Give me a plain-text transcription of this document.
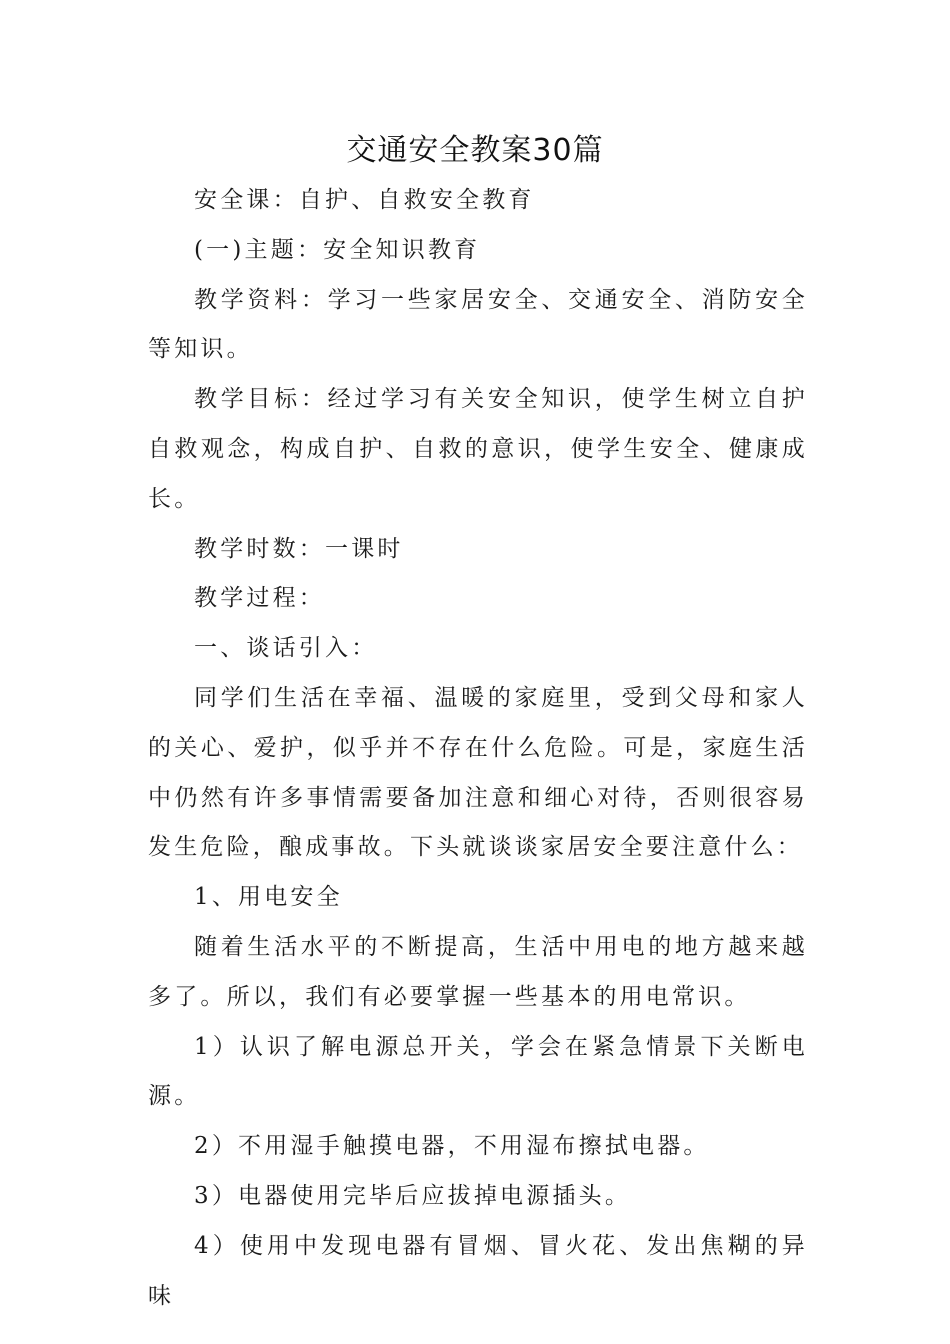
交通安全教案30篇

安全课：自护、自救安全教育

(一)主题：安全知识教育

教学资料：学习一些家居安全、交通安全、消防安全等知识。

教学目标：经过学习有关安全知识，使学生树立自护自救观念，构成自护、自救的意识，使学生安全、健康成长。

教学时数：一课时

教学过程：

一、谈话引入：

同学们生活在幸福、温暖的家庭里，受到父母和家人的关心、爱护，似乎并不存在什么危险。可是，家庭生活中仍然有许多事情需要备加注意和细心对待，否则很容易发生危险，酿成事故。下头就谈谈家居安全要注意什么：

1、用电安全

随着生活水平的不断提高，生活中用电的地方越来越多了。所以，我们有必要掌握一些基本的用电常识。

1）认识了解电源总开关，学会在紧急情景下关断电源。

2）不用湿手触摸电器，不用湿布擦拭电器。

3）电器使用完毕后应拔掉电源插头。

4）使用中发现电器有冒烟、冒火花、发出焦糊的异味
